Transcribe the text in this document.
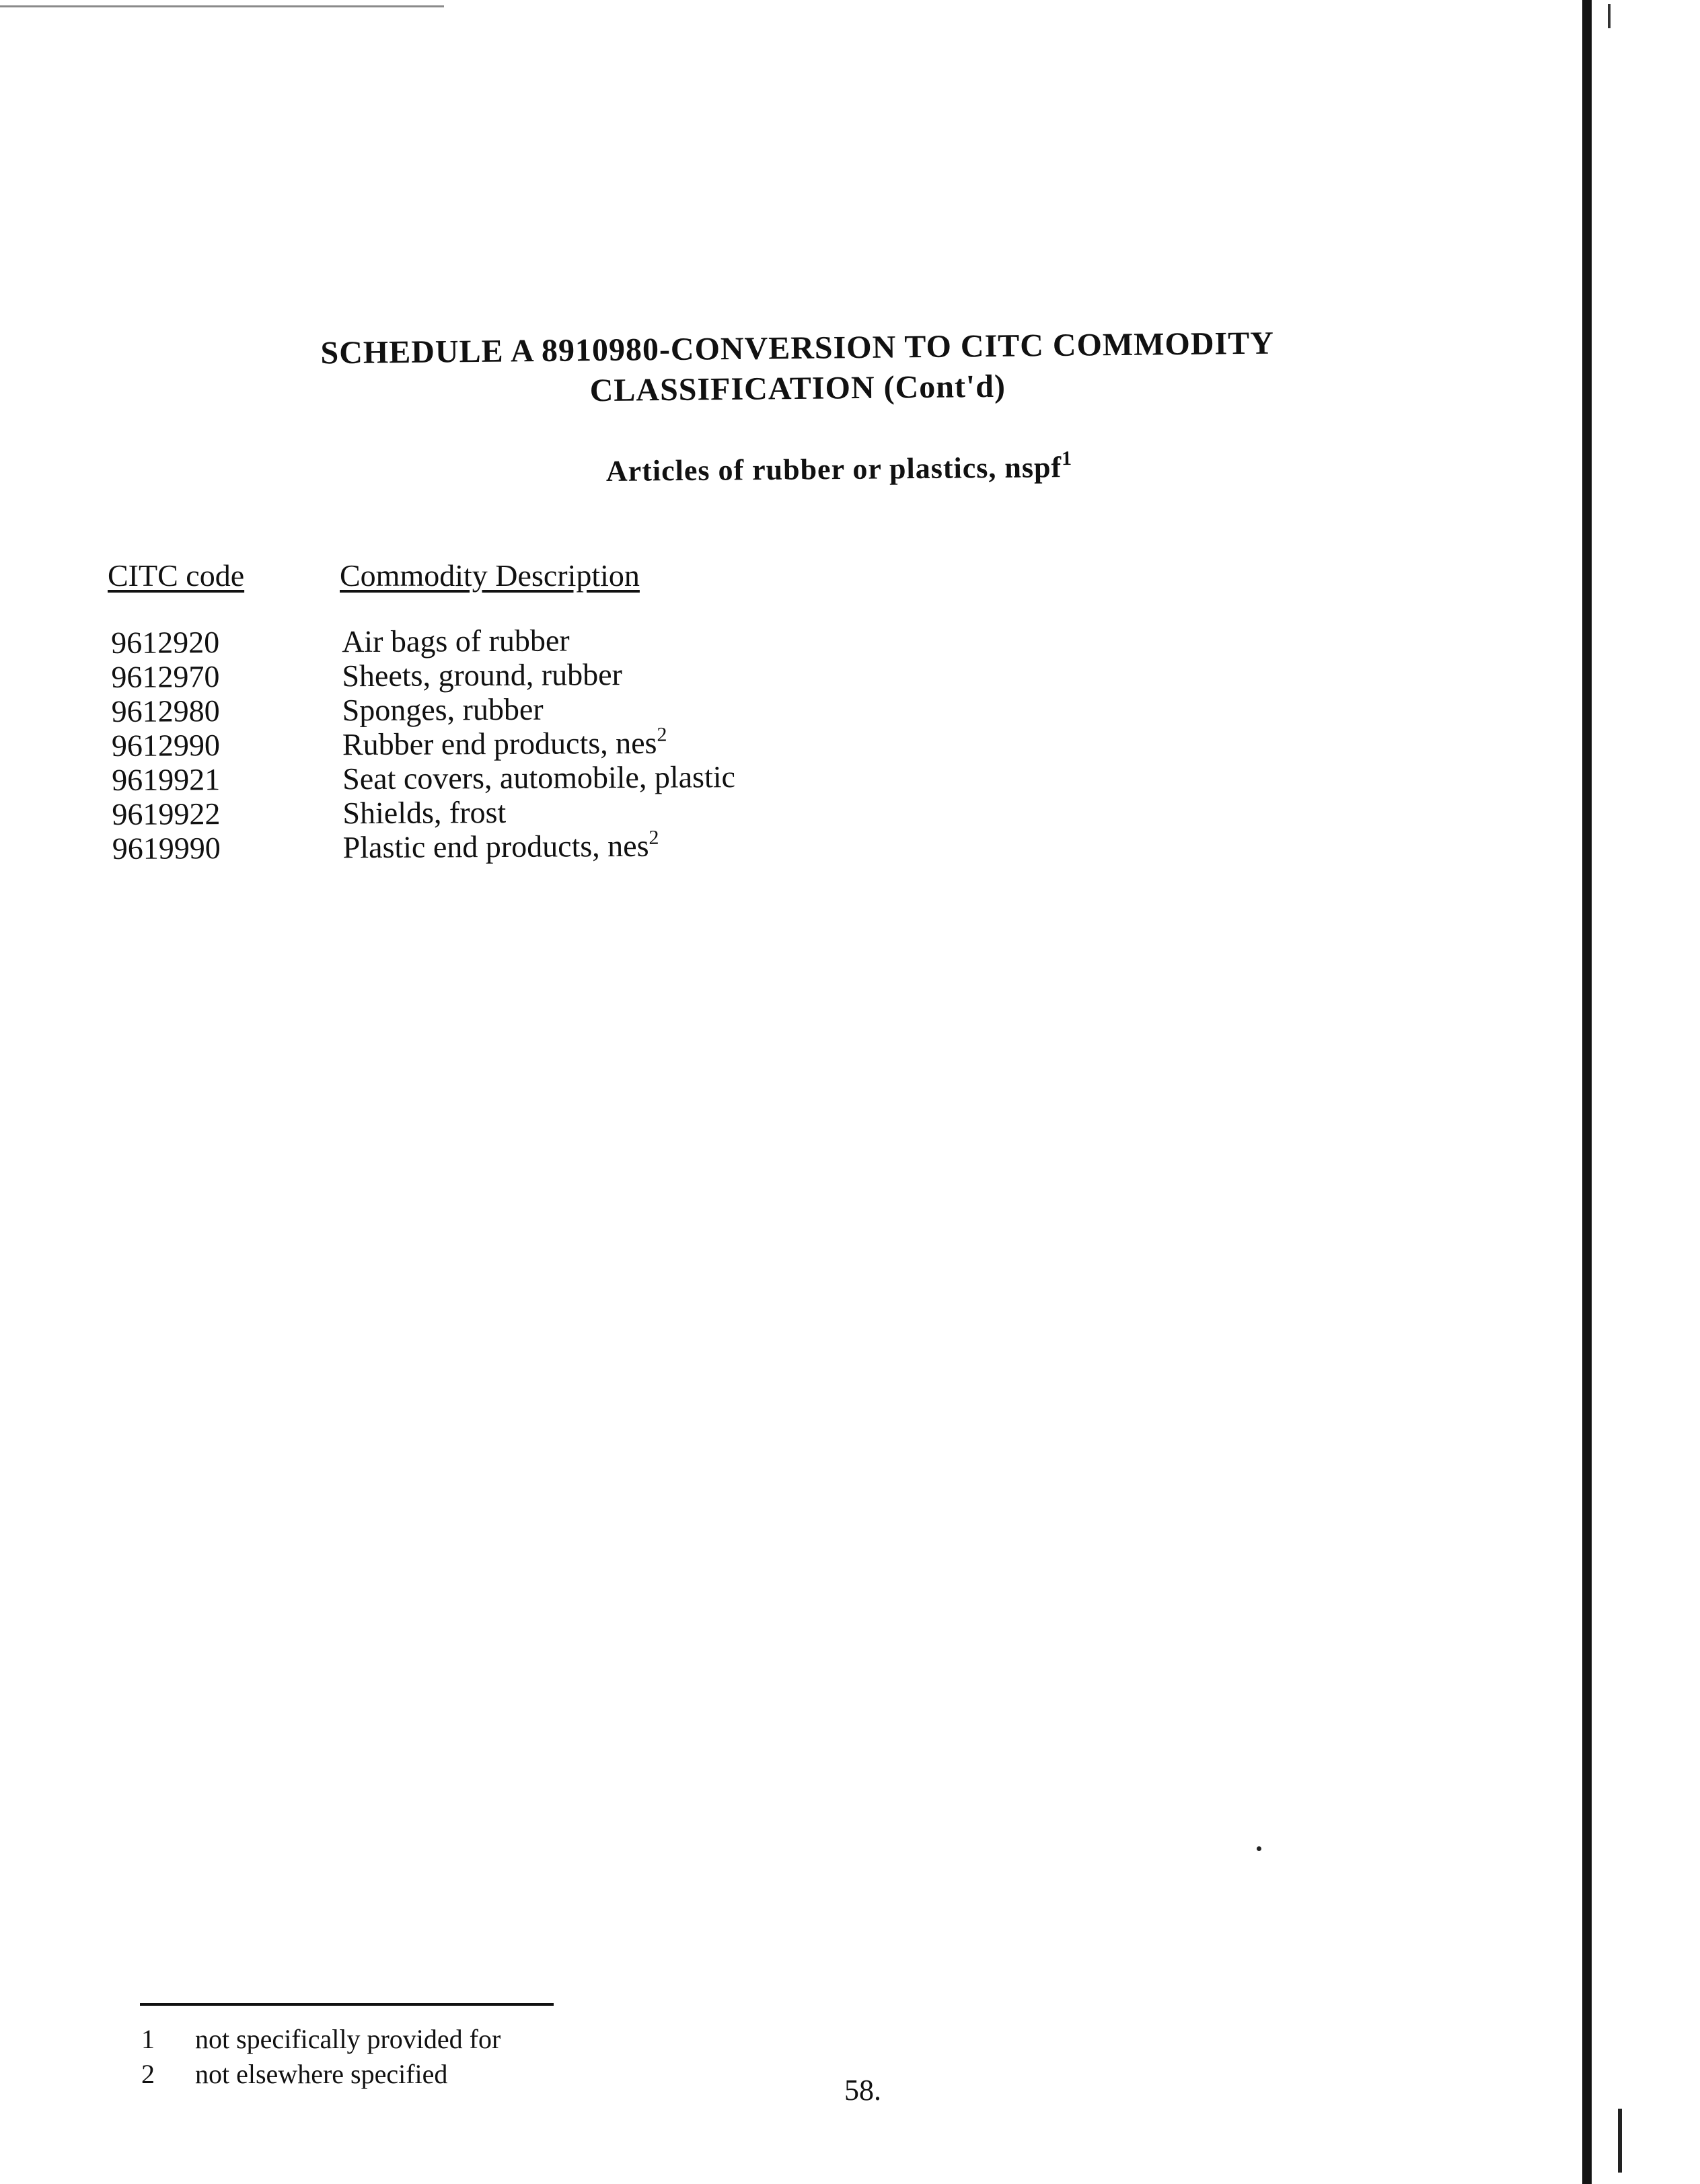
SCHEDULE A 8910980-CONVERSION TO CITC COMMODITY
CLASSIFICATION (Cont'd)
Articles of rubber or plastics, nspf$^1$
CITC code	Commodity Description
9612920	Air bags of rubber
9612970	Sheets, ground, rubber
9612980	Sponges, rubber
9612990	Rubber end products, nes$^2$
9619921	Seat covers, automobile, plastic
9619922	Shields, frost
9619990	Plastic end products, nes$^2$
1	not specifically provided for
2	not elsewhere specified	58.
